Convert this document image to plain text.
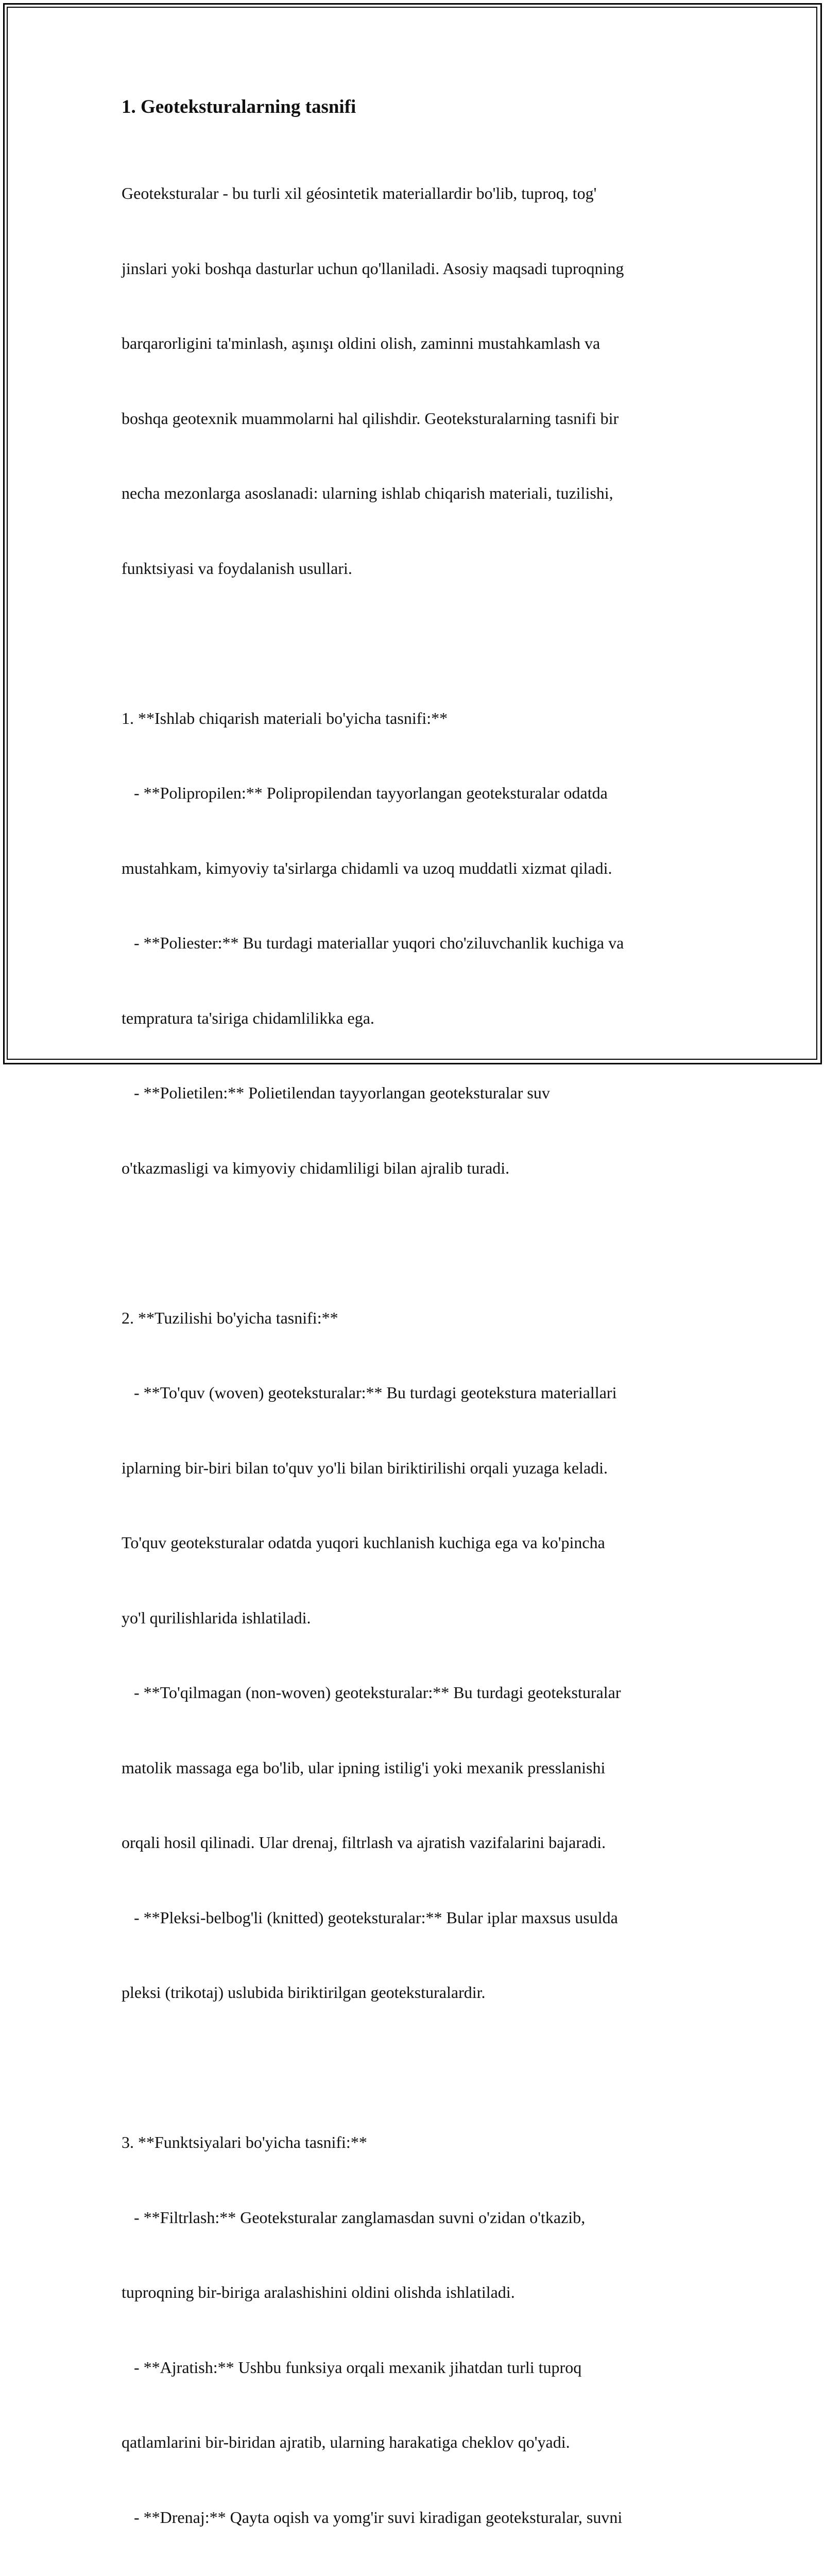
1. Geoteksturalarning tasnifi

Geoteksturalar - bu turli xil géosintetik materiallardir bo'lib, tuproq, tog'

jinslari yoki boshqa dasturlar uchun qo'llaniladi. Asosiy maqsadi tuproqning

barqarorligini ta'minlash, aşınışı oldini olish, zaminni mustahkamlash va

boshqa geotexnik muammolarni hal qilishdir. Geoteksturalarning tasnifi bir

necha mezonlarga asoslanadi: ularning ishlab chiqarish materiali, tuzilishi,

funktsiyasi va foydalanish usullari.

1. **Ishlab chiqarish materiali bo'yicha tasnifi:**

- **Polipropilen:** Polipropilendan tayyorlangan geoteksturalar odatda

mustahkam, kimyoviy ta'sirlarga chidamli va uzoq muddatli xizmat qiladi.

- **Poliester:** Bu turdagi materiallar yuqori cho'ziluvchanlik kuchiga va

tempratura ta'siriga chidamlilikka ega.

- **Polietilen:** Polietilendan tayyorlangan geoteksturalar suv

o'tkazmasligi va kimyoviy chidamliligi bilan ajralib turadi.

2. **Tuzilishi bo'yicha tasnifi:**

- **To'quv (woven) geoteksturalar:** Bu turdagi geotekstura materiallari

iplarning bir-biri bilan to'quv yo'li bilan biriktirilishi orqali yuzaga keladi.

To'quv geoteksturalar odatda yuqori kuchlanish kuchiga ega va ko'pincha

yo'l qurilishlarida ishlatiladi.

- **To'qilmagan (non-woven) geoteksturalar:** Bu turdagi geoteksturalar

matolik massaga ega bo'lib, ular ipning istilig'i yoki mexanik presslanishi

orqali hosil qilinadi. Ular drenaj, filtrlash va ajratish vazifalarini bajaradi.

- **Pleksi-belbog'li (knitted) geoteksturalar:** Bular iplar maxsus usulda

pleksi (trikotaj) uslubida biriktirilgan geoteksturalardir.

3. **Funktsiyalari bo'yicha tasnifi:**

- **Filtrlash:** Geoteksturalar zanglamasdan suvni o'zidan o'tkazib,

tuproqning bir-biriga aralashishini oldini olishda ishlatiladi.

- **Ajratish:** Ushbu funksiya orqali mexanik jihatdan turli tuproq

qatlamlarini bir-biridan ajratib, ularning harakatiga cheklov qo'yadi.

- **Drenaj:** Qayta oqish va yomg'ir suvi kiradigan geoteksturalar, suvni
